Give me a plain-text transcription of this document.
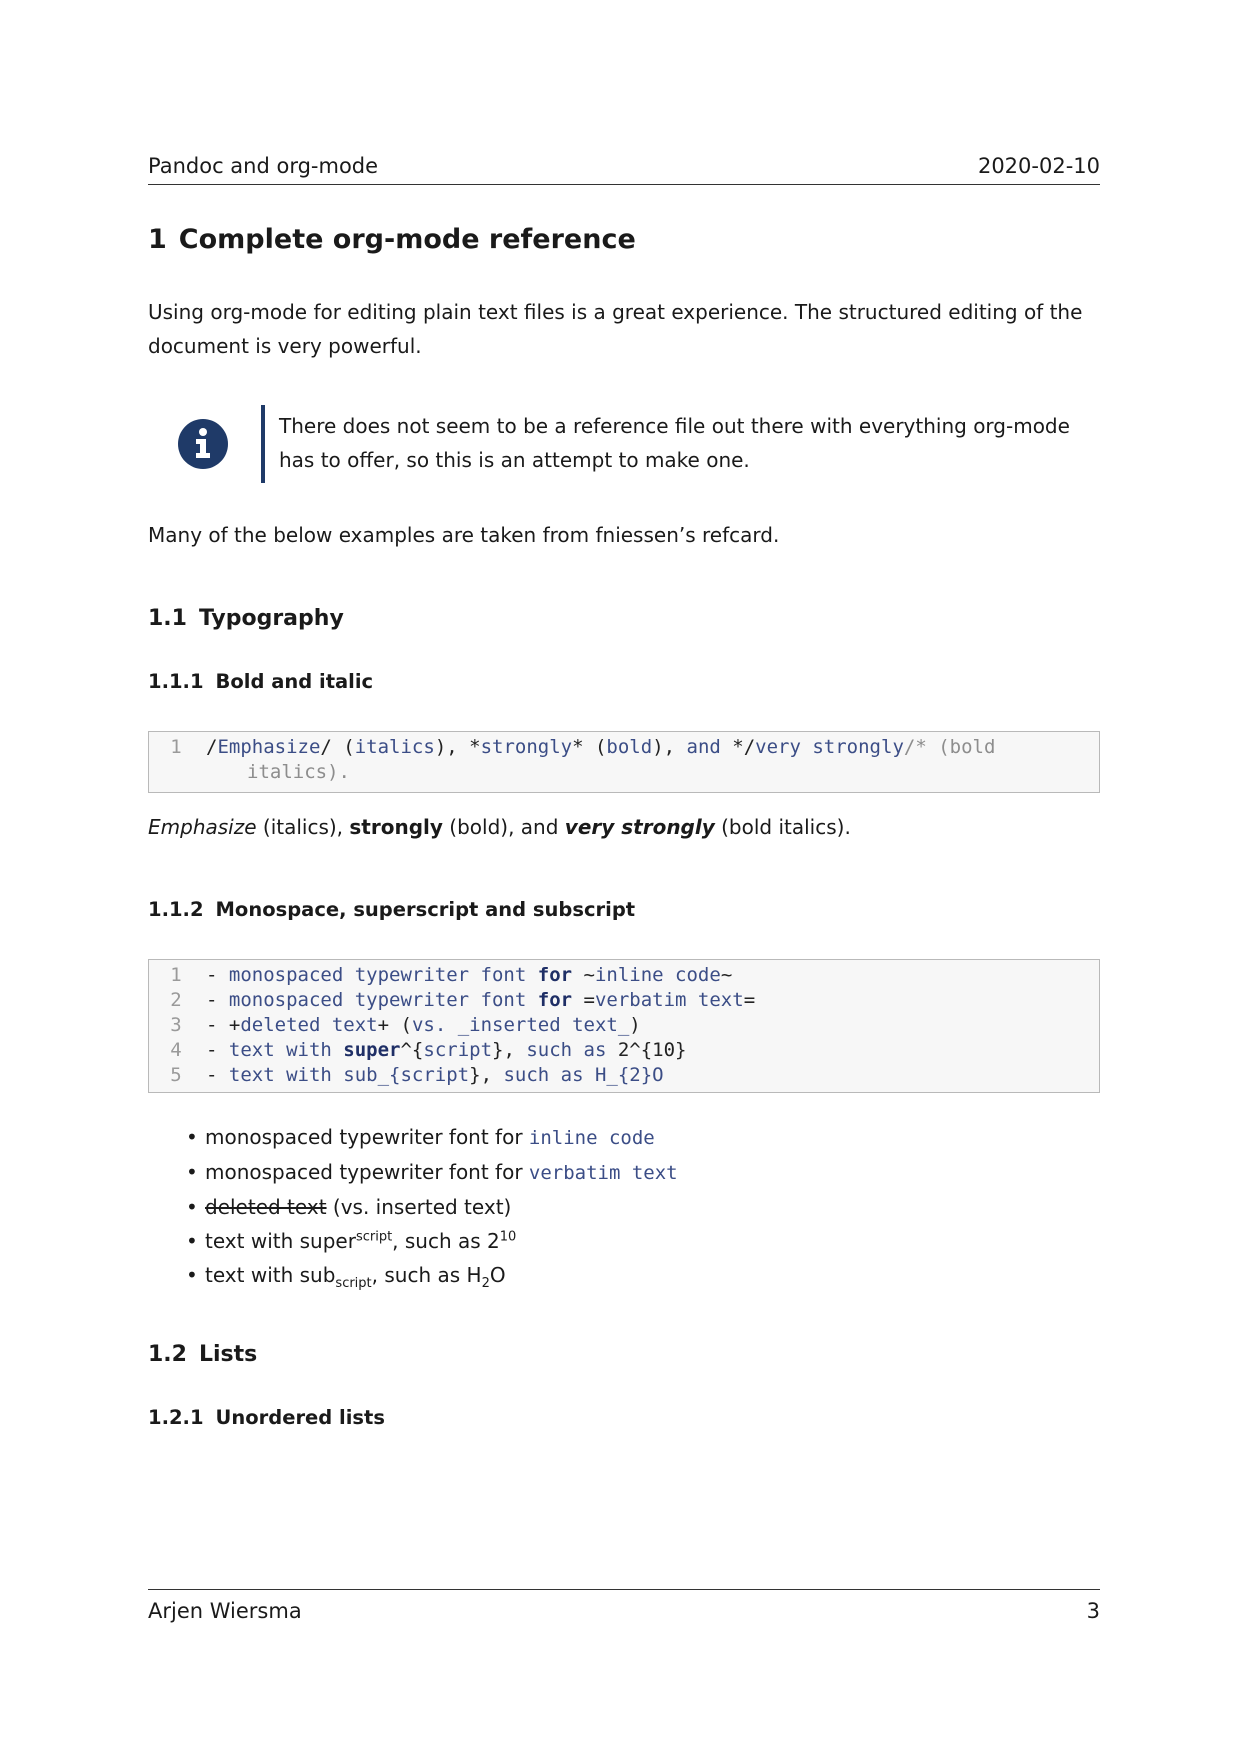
Pandoc and org-mode	2020-02-10
1 Complete org-mode reference

Using org-mode for editing plain text files is a great experience. The structured editing of the document is very powerful.

There does not seem to be a reference file out there with everything org-mode has to offer, so this is an attempt to make one.

Many of the below examples are taken from fniessen’s refcard.

1.1 Typography
1.1.1 Bold and italic
1 /Emphasize/ (italics), *strongly* (bold), and */very strongly/* (bold
italics).

Emphasize (italics), strongly (bold), and very strongly (bold italics).

1.1.2 Monospace, superscript and subscript
1 - monospaced typewriter font for ~inline code~
2 - monospaced typewriter font for =verbatim text=
3 - +deleted text+ (vs. _inserted text_)
4 - text with super^{script}, such as 2^{10}
5 - text with sub_{script}, such as H_{2}O
• monospaced typewriter font for inline code
• monospaced typewriter font for verbatim text
• deleted text (vs. inserted text)
• text with super$^{script}$, such as $2^{10}$
• text with sub$_{script}$, such as $H_2O$
1.2 Lists
1.2.1 Unordered lists
Arjen Wiersma	3
